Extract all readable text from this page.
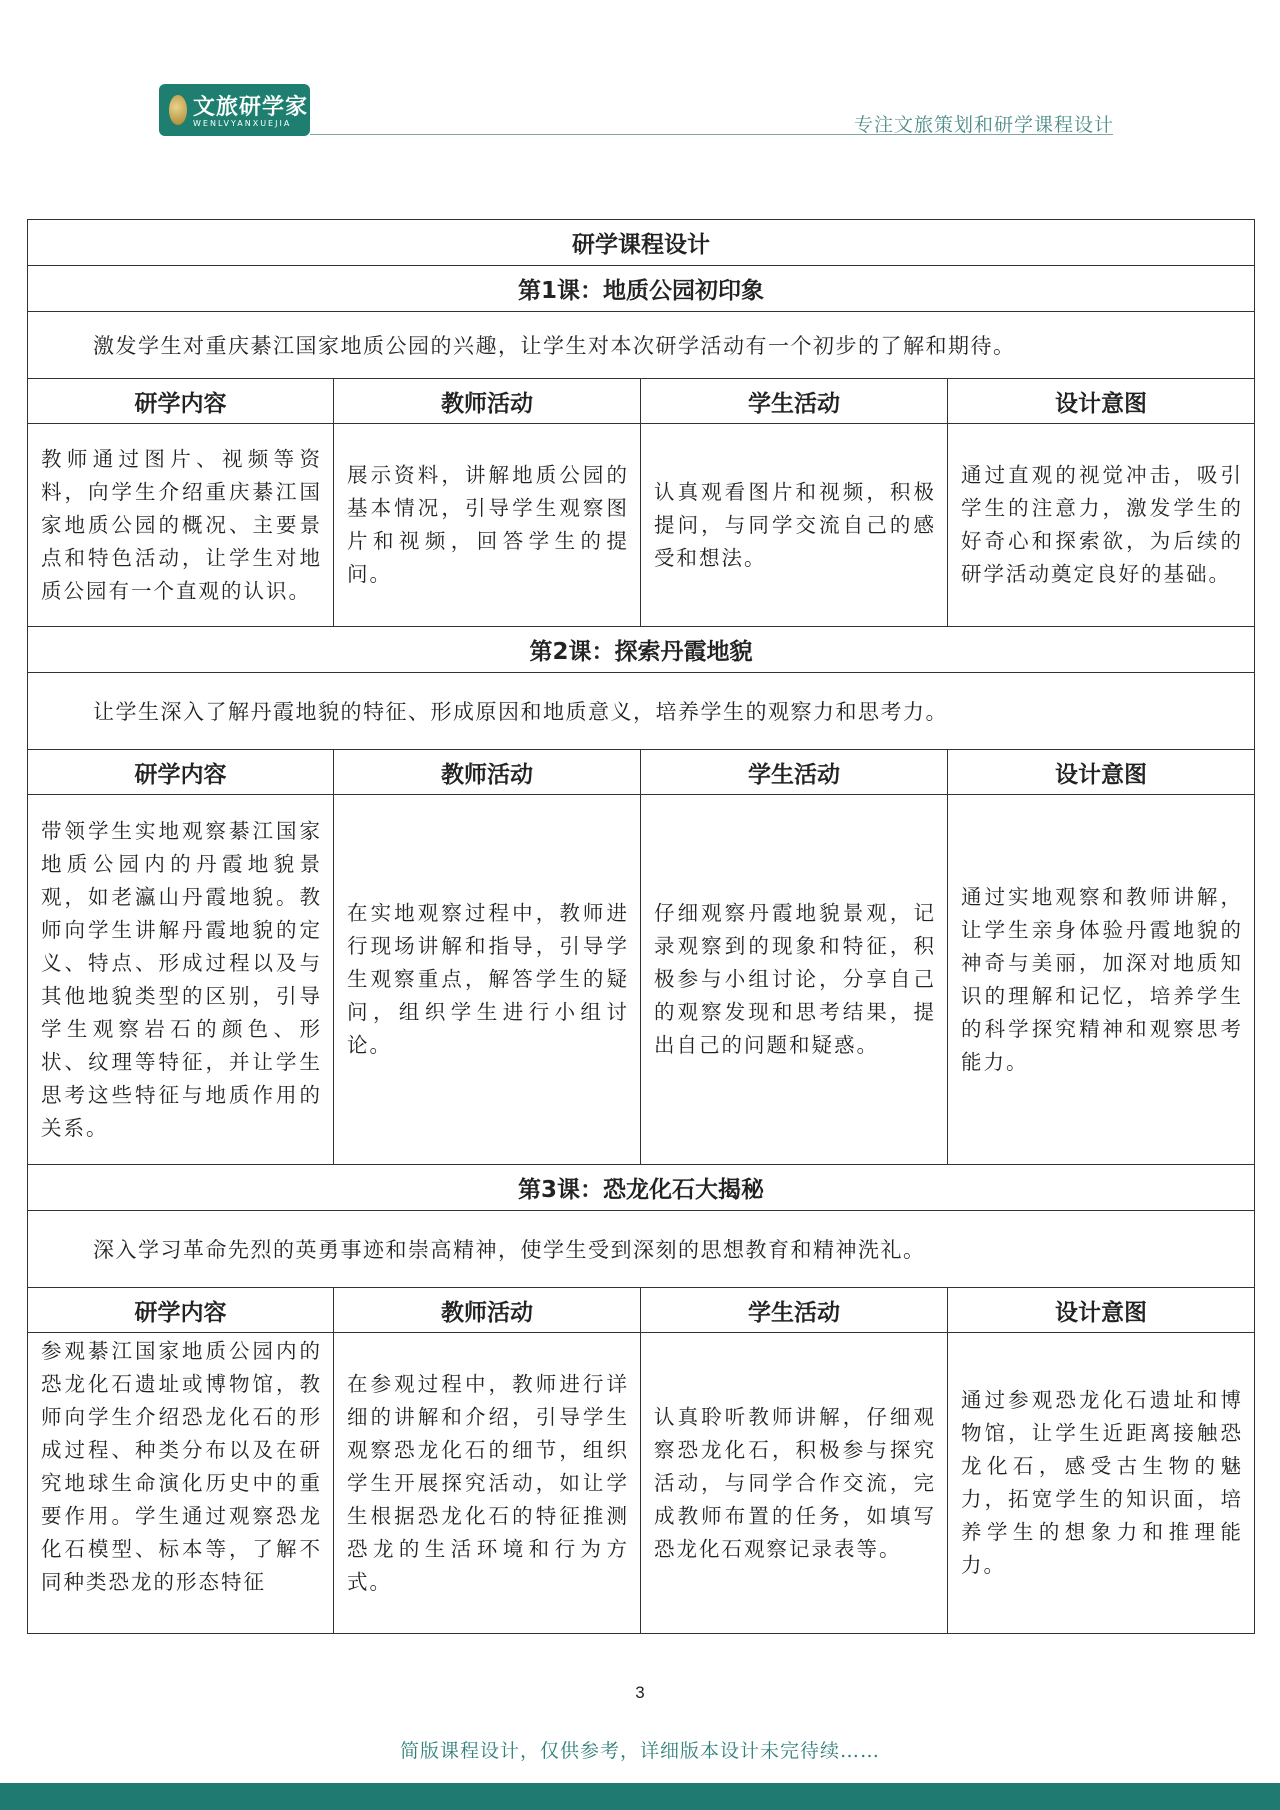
文旅研学家
WENLVYANXUEJIA	专注文旅策划和研学课程设计
研学课程设计			
第1课：地质公园初印象			
激发学生对重庆綦江国家地质公园的兴趣，让学生对本次研学活动有一个初步的了解和期待。			
研学内容	教师活动	学生活动	设计意图
教师通过图片、视频等资料，向学生介绍重庆綦江国家地质公园的概况、主要景点和特色活动，让学生对地质公园有一个直观的认识。	展示资料，讲解地质公园的基本情况，引导学生观察图片和视频，回答学生的提问。	认真观看图片和视频，积极提问，与同学交流自己的感受和想法。	通过直观的视觉冲击，吸引学生的注意力，激发学生的好奇心和探索欲，为后续的研学活动奠定良好的基础。
第2课：探索丹霞地貌			
让学生深入了解丹霞地貌的特征、形成原因和地质意义，培养学生的观察力和思考力。			
研学内容	教师活动	学生活动	设计意图
带领学生实地观察綦江国家地质公园内的丹霞地貌景观，如老瀛山丹霞地貌。教师向学生讲解丹霞地貌的定义、特点、形成过程以及与其他地貌类型的区别，引导学生观察岩石的颜色、形状、纹理等特征，并让学生思考这些特征与地质作用的关系。	在实地观察过程中，教师进行现场讲解和指导，引导学生观察重点，解答学生的疑问，组织学生进行小组讨论。	仔细观察丹霞地貌景观，记录观察到的现象和特征，积极参与小组讨论，分享自己的观察发现和思考结果，提出自己的问题和疑惑。	通过实地观察和教师讲解，让学生亲身体验丹霞地貌的神奇与美丽，加深对地质知识的理解和记忆，培养学生的科学探究精神和观察思考能力。
第3课：恐龙化石大揭秘			
深入学习革命先烈的英勇事迹和崇高精神，使学生受到深刻的思想教育和精神洗礼。			
研学内容	教师活动	学生活动	设计意图
参观綦江国家地质公园内的恐龙化石遗址或博物馆，教师向学生介绍恐龙化石的形成过程、种类分布以及在研究地球生命演化历史中的重要作用。学生通过观察恐龙化石模型、标本等，了解不同种类恐龙的形态特征	在参观过程中，教师进行详细的讲解和介绍，引导学生观察恐龙化石的细节，组织学生开展探究活动，如让学生根据恐龙化石的特征推测恐龙的生活环境和行为方式。	认真聆听教师讲解，仔细观察恐龙化石，积极参与探究活动，与同学合作交流，完成教师布置的任务，如填写恐龙化石观察记录表等。	通过参观恐龙化石遗址和博物馆，让学生近距离接触恐龙化石，感受古生物的魅力，拓宽学生的知识面，培养学生的想象力和推理能力。
3
简版课程设计，仅供参考，详细版本设计未完待续……
